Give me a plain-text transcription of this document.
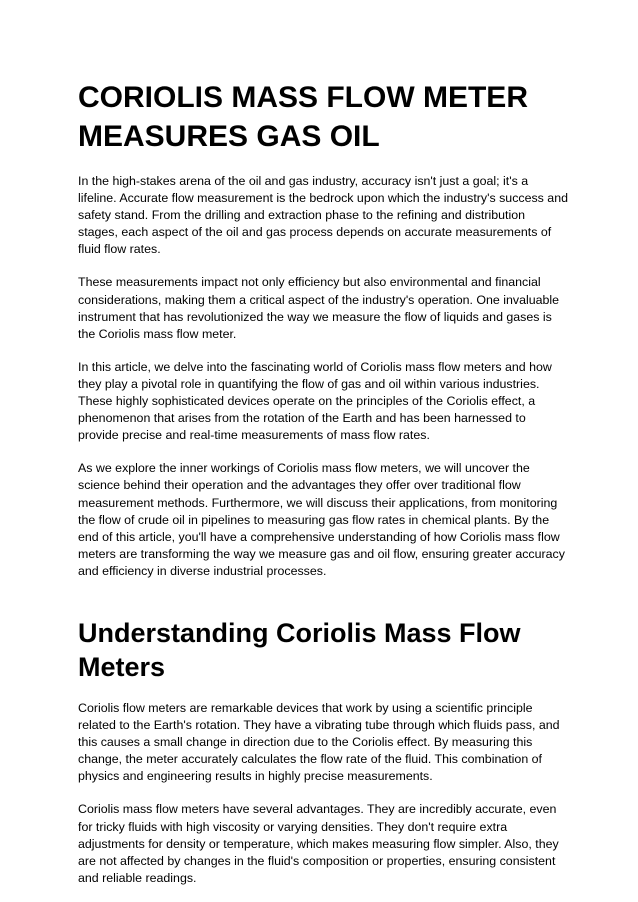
CORIOLIS MASS FLOW METER MEASURES GAS OIL

In the high-stakes arena of the oil and gas industry, accuracy isn't just a goal; it's a lifeline. Accurate flow measurement is the bedrock upon which the industry's success and safety stand. From the drilling and extraction phase to the refining and distribution stages, each aspect of the oil and gas process depends on accurate measurements of fluid flow rates.

These measurements impact not only efficiency but also environmental and financial considerations, making them a critical aspect of the industry's operation. One invaluable instrument that has revolutionized the way we measure the flow of liquids and gases is the Coriolis mass flow meter.

In this article, we delve into the fascinating world of Coriolis mass flow meters and how they play a pivotal role in quantifying the flow of gas and oil within various industries. These highly sophisticated devices operate on the principles of the Coriolis effect, a phenomenon that arises from the rotation of the Earth and has been harnessed to provide precise and real-time measurements of mass flow rates.

As we explore the inner workings of Coriolis mass flow meters, we will uncover the science behind their operation and the advantages they offer over traditional flow measurement methods. Furthermore, we will discuss their applications, from monitoring the flow of crude oil in pipelines to measuring gas flow rates in chemical plants. By the end of this article, you'll have a comprehensive understanding of how Coriolis mass flow meters are transforming the way we measure gas and oil flow, ensuring greater accuracy and efficiency in diverse industrial processes.

Understanding Coriolis Mass Flow Meters

Coriolis flow meters are remarkable devices that work by using a scientific principle related to the Earth's rotation. They have a vibrating tube through which fluids pass, and this causes a small change in direction due to the Coriolis effect. By measuring this change, the meter accurately calculates the flow rate of the fluid. This combination of physics and engineering results in highly precise measurements.

Coriolis mass flow meters have several advantages. They are incredibly accurate, even for tricky fluids with high viscosity or varying densities. They don't require extra adjustments for density or temperature, which makes measuring flow simpler. Also, they are not affected by changes in the fluid's composition or properties, ensuring consistent and reliable readings.
